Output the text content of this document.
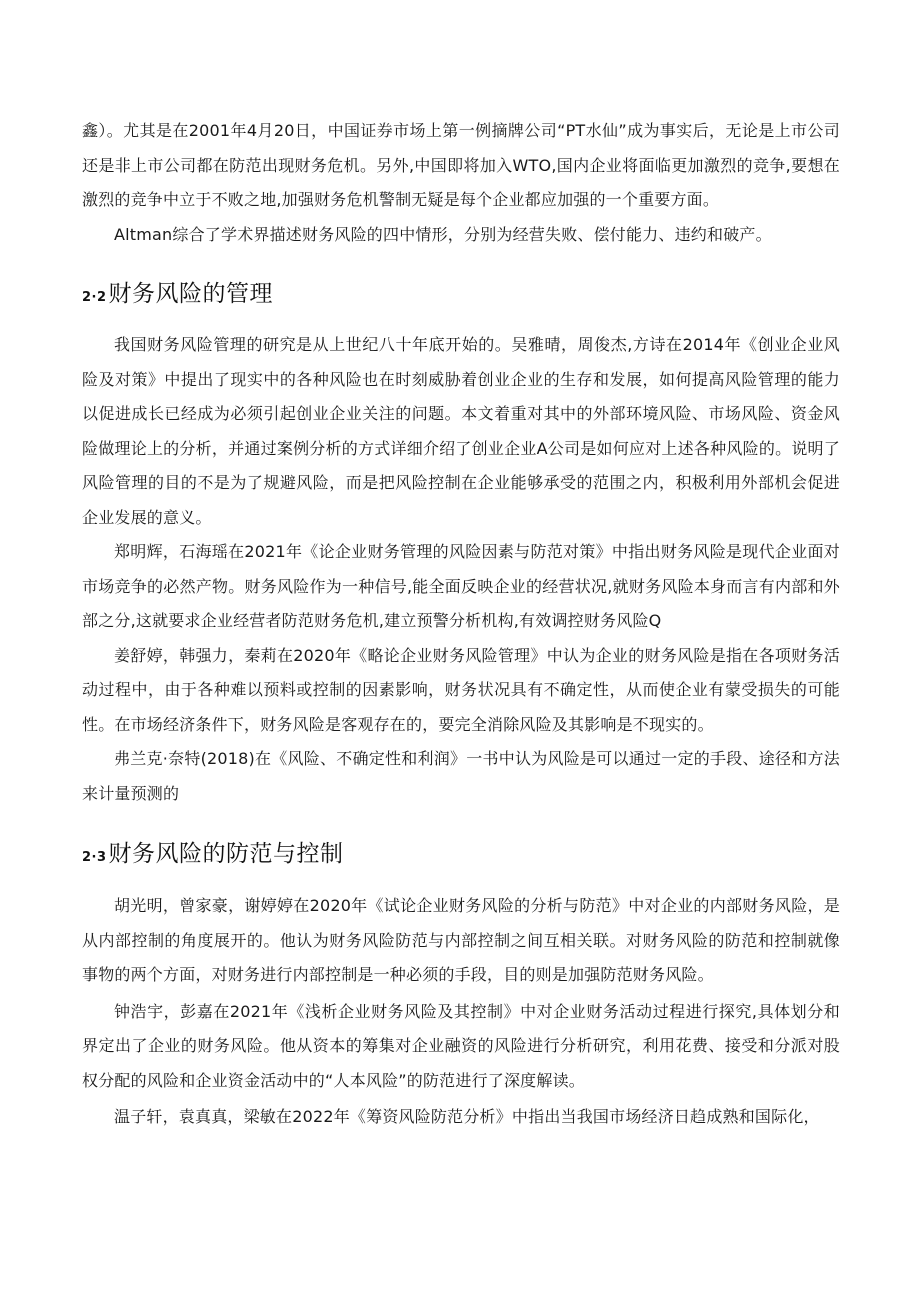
鑫）。尤其是在2001年4月20日，中国证券市场上第一例摘牌公司“PT水仙”成为事实后，无论是上市公司还是非上市公司都在防范出现财务危机。另外,中国即将加入WTO,国内企业将面临更加激烈的竞争,要想在激烈的竞争中立于不败之地,加强财务危机警制无疑是每个企业都应加强的一个重要方面。

Altman综合了学术界描述财务风险的四中情形，分别为经营失败、偿付能力、违约和破产。

2·2 财务风险的管理

我国财务风险管理的研究是从上世纪八十年底开始的。吴雅晴，周俊杰,方诗在2014年《创业企业风险及对策》中提出了现实中的各种风险也在时刻威胁着创业企业的生存和发展，如何提高风险管理的能力以促进成长已经成为必须引起创业企业关注的问题。本文着重对其中的外部环境风险、市场风险、资金风险做理论上的分析，并通过案例分析的方式详细介绍了创业企业A公司是如何应对上述各种风险的。说明了风险管理的目的不是为了规避风险，而是把风险控制在企业能够承受的范围之内，积极利用外部机会促进企业发展的意义。

郑明辉，石海瑶在2021年《论企业财务管理的风险因素与防范对策》中指出财务风险是现代企业面对市场竞争的必然产物。财务风险作为一种信号,能全面反映企业的经营状况,就财务风险本身而言有内部和外部之分,这就要求企业经营者防范财务危机,建立预警分析机构,有效调控财务风险Q

姜舒婷，韩强力，秦莉在2020年《略论企业财务风险管理》中认为企业的财务风险是指在各项财务活动过程中，由于各种难以预料或控制的因素影响，财务状况具有不确定性，从而使企业有蒙受损失的可能性。在市场经济条件下，财务风险是客观存在的，要完全消除风险及其影响是不现实的。

弗兰克·奈特(2018)在《风险、不确定性和利润》一书中认为风险是可以通过一定的手段、途径和方法来计量预测的

2·3 财务风险的防范与控制

胡光明，曾家豪，谢婷婷在2020年《试论企业财务风险的分析与防范》中对企业的内部财务风险，是从内部控制的角度展开的。他认为财务风险防范与内部控制之间互相关联。对财务风险的防范和控制就像事物的两个方面，对财务进行内部控制是一种必须的手段，目的则是加强防范财务风险。

钟浩宇，彭嘉在2021年《浅析企业财务风险及其控制》中对企业财务活动过程进行探究,具体划分和界定出了企业的财务风险。他从资本的筹集对企业融资的风险进行分析研究，利用花费、接受和分派对股权分配的风险和企业资金活动中的“人本风险”的防范进行了深度解读。

温子轩，袁真真，梁敏在2022年《筹资风险防范分析》中指出当我国市场经济日趋成熟和国际化，
